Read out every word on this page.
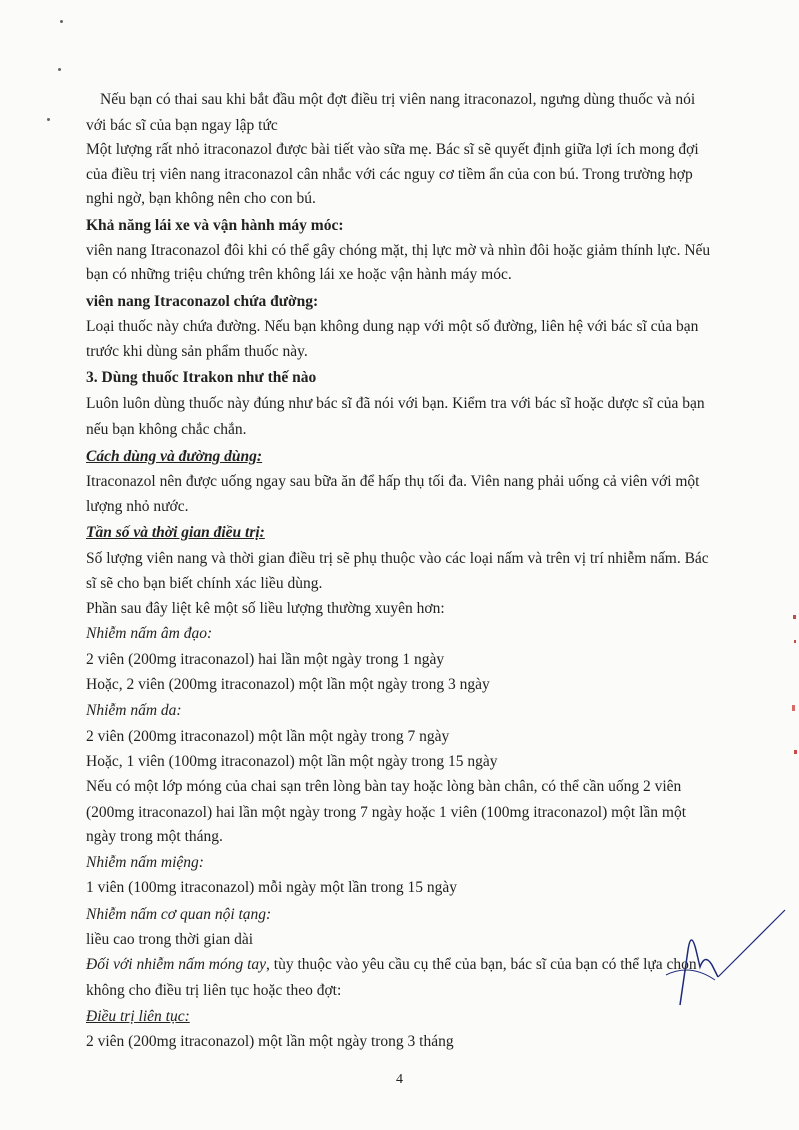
Nếu bạn có thai sau khi bắt đầu một đợt điều trị viên nang itraconazol, ngưng dùng thuốc và nói
với bác sĩ của bạn ngay lập tức
Một lượng rất nhỏ itraconazol được bài tiết vào sữa mẹ. Bác sĩ sẽ quyết định giữa lợi ích mong đợi
của điều trị viên nang itraconazol cân nhắc với các nguy cơ tiềm ẩn của con bú. Trong trường hợp
nghi ngờ, bạn không nên cho con bú.
Khả năng lái xe và vận hành máy móc:
viên nang Itraconazol đôi khi có thể gây chóng mặt, thị lực mờ và nhìn đôi hoặc giảm thính lực. Nếu
bạn có những triệu chứng trên không lái xe hoặc vận hành máy móc.
viên nang Itraconazol chứa đường:
Loại thuốc này chứa đường. Nếu bạn không dung nạp với một số đường, liên hệ với bác sĩ của bạn
trước khi dùng sản phẩm thuốc này.
3. Dùng thuốc Itrakon như thế nào
Luôn luôn dùng thuốc này đúng như bác sĩ đã nói với bạn. Kiểm tra với bác sĩ hoặc dược sĩ của bạn
nếu bạn không chắc chắn.
Cách dùng và đường dùng:
Itraconazol nên được uống ngay sau bữa ăn để hấp thụ tối đa. Viên nang phải uống cả viên với một
lượng nhỏ nước.
Tần số và thời gian điều trị:
Số lượng viên nang và thời gian điều trị sẽ phụ thuộc vào các loại nấm và trên vị trí nhiễm nấm. Bác
sĩ sẽ cho bạn biết chính xác liều dùng.
Phần sau đây liệt kê một số liều lượng thường xuyên hơn:
Nhiễm nấm âm đạo:
2 viên (200mg itraconazol) hai lần một ngày trong 1 ngày
Hoặc, 2 viên (200mg itraconazol) một lần một ngày trong 3 ngày
Nhiễm nấm da:
2 viên (200mg itraconazol) một lần một ngày trong 7 ngày
Hoặc, 1 viên (100mg itraconazol) một lần một ngày trong 15 ngày
Nếu có một lớp móng của chai sạn trên lòng bàn tay hoặc lòng bàn chân, có thể cần uống 2 viên
(200mg itraconazol) hai lần một ngày trong 7 ngày hoặc 1 viên (100mg itraconazol) một lần một
ngày trong một tháng.
Nhiễm nấm miệng:
1 viên (100mg itraconazol) mỗi ngày một lần trong 15 ngày
Nhiễm nấm cơ quan nội tạng:
liều cao trong thời gian dài
Đối với nhiễm nấm móng tay, tùy thuộc vào yêu cầu cụ thể của bạn, bác sĩ của bạn có thể lựa chọn
không cho điều trị liên tục hoặc theo đợt:
Điều trị liên tục:
2 viên (200mg itraconazol) một lần một ngày trong 3 tháng
4
